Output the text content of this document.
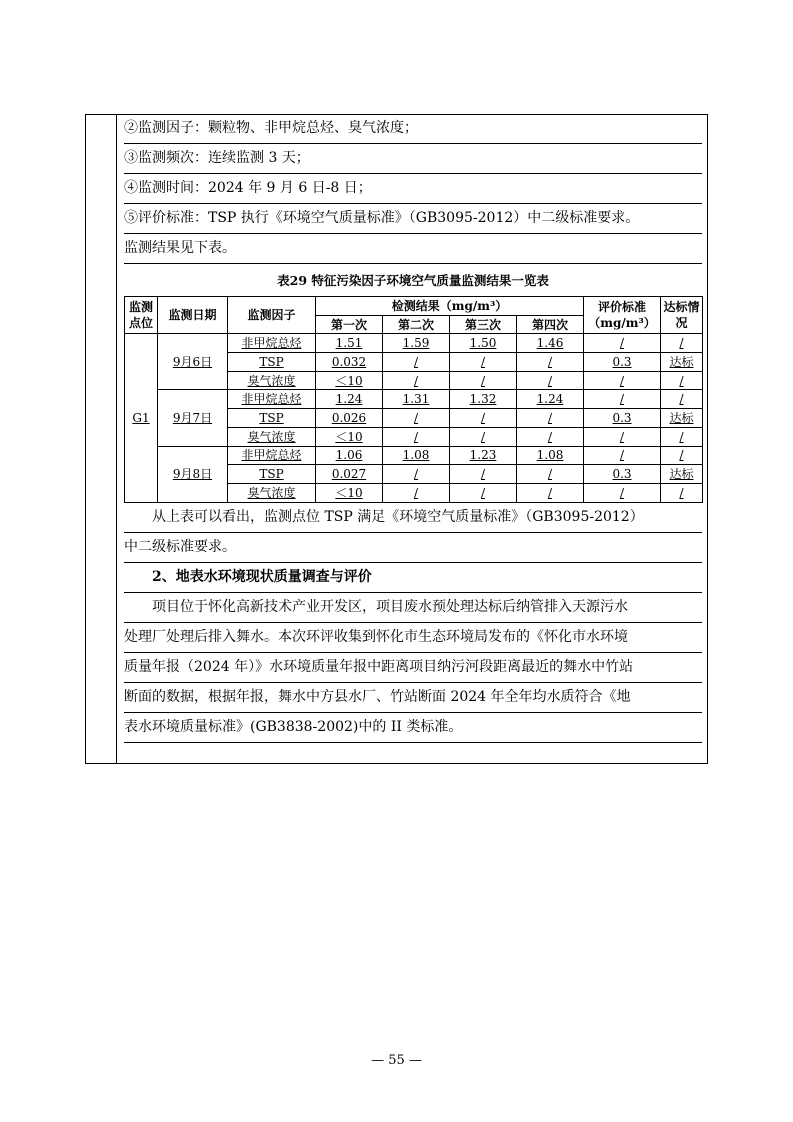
②监测因子：颗粒物、非甲烷总烃、臭气浓度；
③监测频次：连续监测 3 天；
④监测时间：2024 年 9 月 6 日-8 日；
⑤评价标准：TSP 执行《环境空气质量标准》（GB3095-2012）中二级标准要求。
监测结果见下表。
表29 特征污染因子环境空气质量监测结果一览表
监测点位	监测日期	监测因子	检测结果（mg/m³）				评价标准（mg/m³）	达标情况
			第一次	第二次	第三次	第四次		
G1	9月6日	非甲烷总烃	1.51	1.59	1.50	1.46	/	/
		TSP	0.032	/	/	/	0.3	达标
		臭气浓度	＜10	/	/	/	/	/
	9月7日	非甲烷总烃	1.24	1.31	1.32	1.24	/	/
		TSP	0.026	/	/	/	0.3	达标
		臭气浓度	＜10	/	/	/	/	/
	9月8日	非甲烷总烃	1.06	1.08	1.23	1.08	/	/
		TSP	0.027	/	/	/	0.3	达标
		臭气浓度	＜10	/	/	/	/	/
从上表可以看出，监测点位 TSP 满足《环境空气质量标准》（GB3095-2012）
中二级标准要求。
2、地表水环境现状质量调查与评价
项目位于怀化高新技术产业开发区，项目废水预处理达标后纳管排入天源污水
处理厂处理后排入舞水。本次环评收集到怀化市生态环境局发布的《怀化市水环境
质量年报（2024 年）》水环境质量年报中距离项目纳污河段距离最近的舞水中竹站
断面的数据，根据年报，舞水中方县水厂、竹站断面 2024 年全年均水质符合《地
表水环境质量标准》(GB3838-2002)中的 II 类标准。
— 55 —
